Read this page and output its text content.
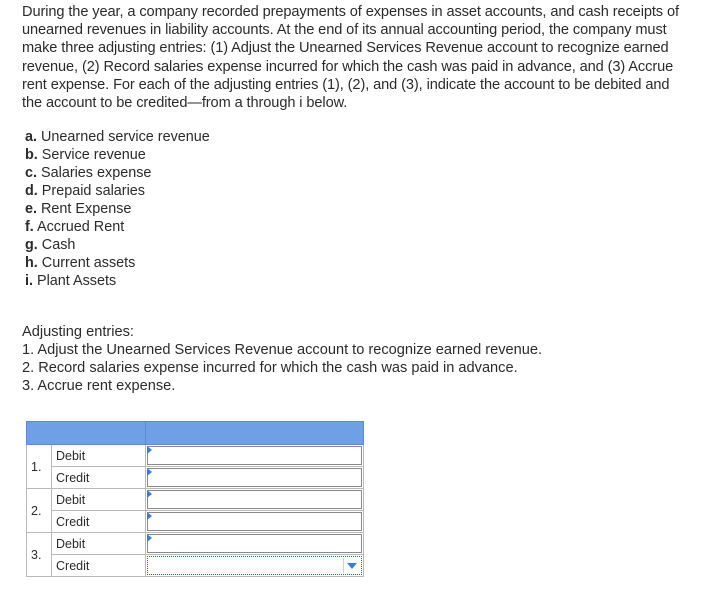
During the year, a company recorded prepayments of expenses in asset accounts, and cash receipts of unearned revenues in liability accounts. At the end of its annual accounting period, the company must make three adjusting entries: (1) Adjust the Unearned Services Revenue account to recognize earned revenue, (2) Record salaries expense incurred for which the cash was paid in advance, and (3) Accrue rent expense. For each of the adjusting entries (1), (2), and (3), indicate the account to be debited and the account to be credited—from a through i below.

a. Unearned service revenue
b. Service revenue
c. Salaries expense
d. Prepaid salaries
e. Rent Expense
f. Accrued Rent
g. Cash
h. Current assets
i. Plant Assets
Adjusting entries:
1. Adjust the Unearned Services Revenue account to recognize earned revenue.
2. Record salaries expense incurred for which the cash was paid in advance.
3. Accrue rent expense.

1.	Debit	

	Credit	

2.	Debit	

	Credit	

3.	Debit	

	Credit	
